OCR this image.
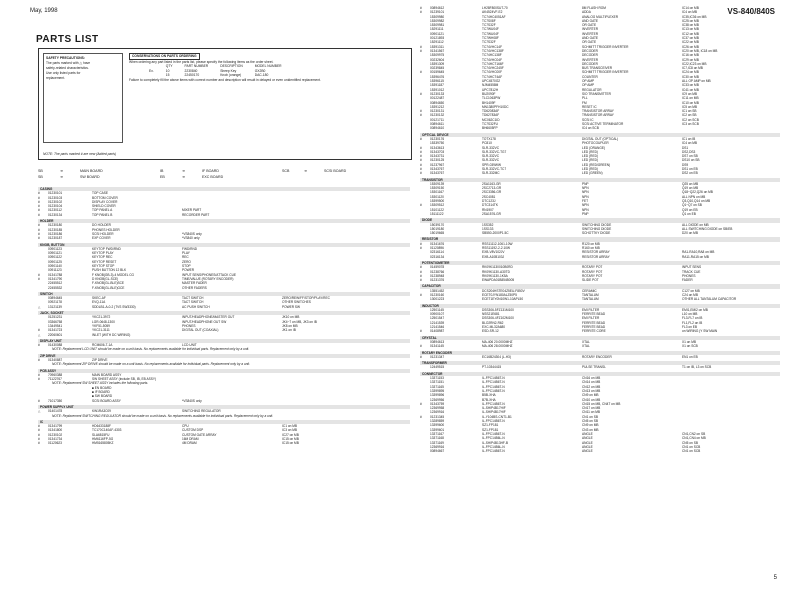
May, 1998	VS-840/840S
PARTS LIST
SAFETY PRECAUTIONS:
The parts marked with △ have
safety-related characteristics.
Use only listed parts for
replacement.
CONSERVATIONS ON PARTS ORDERING
When ordering any part listed in the parts list, please specify the following items as the order sheet.
	QTY	PART NUMBER	DESCRIPTION	MODEL NUMBER
Ex.	10	2230840	Sheep Key	GX2B0
	15	22450170	Knob (orange)	DAC-180
Failure to completely fill the above items with correct number and description will result in delayed or even unidentified replacement.
NOTE: The parts marked # are new (Added parts)
SB	➔	MAIN BOARD	IB	➔	IF BOARD	SCB	➔	SCSI BOARD
SB	➔	SW BOARD	EB	➔	EXC BOARD
CASING
#	01230101	TOP CASE
#	01230103	BOTTOM COVER
#	01230102	DISPLAY COVER
#	01230104	SHIELD COVER
#	01230112	TOP PANEL A	MIXER PART
#	01230134	TOP PANEL B	RECORDER PART
HOLDER
#	01230180	DO HOLDER
#	01230185	PHONES HOLDER
#	01230186	SCSI HOLDER	*VS840S only
#	01230187	EXP COVER	*VS840 only
KNOB, BUTTON
00901123	KEYTOP FWD/RND	FWD/RND
00901121	KEYTOP PLAY	PLAY
00901122	KEYTOP REC	REC
00901125	KEYTOP RESET	ZERO
00901140	KEYTOP STOP	STOP
00911123	PUSH BUTTON 12 BLK	POWER
#	01341788	F KNOB(GB-3)-4 MODEL CG	INPUT SENS/PHONES/ATTACK CUE
#	01341790	D KNOB(GL-SCE)	TIME/VALUE (ROTARY ENCODER)
22455512	F-KNOB(GL-BLE)SCE	MASTER FADER
22455532	F-KNOB(GL-BLE)GCE	OTHER FADERS
SWITCH
00894645	SKEC-AF	TACT SWITCH	ZERO/REW/FF/STOP/PLAY/REC
00921178	EVQ-11A	TACT SWITCH	OTHER SWITCHES
△	13121139	SDDLB1-A-0-2 (TVS SW3330)	AC PUSH SWITCH	POWER SW
JACK, SOCKET
01251231	YKC21-3972	INPUT/HEADPHONE/MASTER OUT	JK10 on MB
03366758	LGR-0648-1300	INPUT/HEADPHONE OUT SW	JK4~7 on MB, JK3 on IB
13449541	YKF51-5059	PHONES	JK8 on MB
#	01341723	YKC21-3111	DIGITAL OUT (COAXIAL)	JK1 on IB
△	22060601	INLET (WITH DC WIRING)
DISPLAY UNIT
#	01430088	RCM606-T-1A	LCD UNIT
NOTE: Replacement LCD UNIT should be made on a unit basis. No replacements available for individual parts. Replacement only by a unit.
ZIP DRIVE
#	01340887	ZIP DRIVE
NOTE: Replacement ZIP DRIVE should be made on a unit basis. No replacements available for individual parts. Replacement only by a unit.
PCB ASSY
#	70960388	MAIN BOARD ASSY
#	71122767	SW SHEET ASSY (include SB, IB, EB ASSY)
NOTE: Replacement SW SHEET ASSY includes the following parts.
■ EN BOARD
■ IF BOARD
■ SW BOARD
#	71017350	SCSI BOARD ASSY	*VS840S only
POWER SUPPLY UNIT
△	01401478	KW1RA3C09	SWITCHING REGULATOR
NOTE: Replacement SWITCHING REGULATOR should be made on a unit basis. No replacements available for individual parts. Replacement only by a unit.
IC
#	01341799	HD6433188F	CPU	IC1 on MB
#	01341800	TC170C140AF-4303	CUSTOM DSP	IC3 on MB
#	01230102	SLA6815FU	CUSTOM GATE ARRAY	IC27 on MB
#	01341734	HM6116FP-5G	16M DRAM	IC15 on MB
#	01120623	HM5165805KZ	4M DRAM	IC15 on MB
#	00894612	LH28F800SUT-70	8M FLASH ROM	IC14 on MB
#	01239101	AK4524VF-E2	ADDA	IC4 on MB
15309980	TC74HC4051AF	ANALOG MULTIPLEXER	IC35,IC36 on MB
15309982	TC7S08F	AND GATE	IC25 on MB
15309981	TC7S32F	OR GATE	IC38 on MB
15291111	TC7WU04F	INVERTER	IC13 on MB
00901121	TC7WU04F	INVERTER	IC12 on MB
00121893	TC7WH08F	AND GATE	IC37 on MB
15291112	TC7S32F	OR GATE	IC22 on MB
#	15391311	TC74VHC14F	SCHMITT TRIGGER INVERTER	IC26 on MB
#	01341567	TC74VHC138F	DECODER	IC20 on MB, IC18 on MB
15309975	TC74HC138F	DECODER	IC16 on MB
00232604	TC74VHC04F	INVERTER	IC29 on MB
15391309	TC74HCT166F	DECODER	IC22,IC23 on MB
00239845	TC74VHC245F	BUS TRANSCEIVER	IC7,IC8 on MB
#	00159645	TC74VHC00F	SCHMITT TRIGGER INVERTER	IC24 on MB
15396476	TC74HCT4AF	COUNTER	IC30 on MB
15396115	UPC4570G2	OP AMP	ALL OP AMP on MB
15391187	NJM4558M	OP AMP	IC33 on MB
15391012	UPC7812H	REGULATOR	IC41 on MB
#	01230133	BU2090F	SIO TRANSMITTER	IC9 on MB
00122487	TLC1063PW	PLL	IC11 on MB
00894650	BH1409F	FM	IC10 on MB
15391212	MN1380PFH10DC	RESET IC	IC5 on MB
#	01230131	TD62083AF	TRANSISTOR ARRAY	IC1 on SB
#	01230132	TD62783AF	TRANSISTOR ARRAY	IC2 on SB
00121711	MC062C1ID	SCSI IC	IC2 on SCB
00894611	TC7S32FU	SCSI ACTIVE TERMINATOR	IC3 on SCB
00894610	BH6605FP	IC4 on SCB
OPTICAL DEVICE
#	01230176	TOTX178	DIGITAL OUT (OPTICAL)	IC1 on IB
15339750	PC81X	PHOTOCOUPLER	IC4 on MB
#	01343613	SLR-332VC	LED (ORANGE)	DS1
#	01343703	SLR-332VC-TG7	LED (RED)	DS2,DS3
#	01343731	SLR-332VC	LED (RED)	DS7 on SB
#	01230125	SLR-332VC	LED (RED)	DS10 on SB
#	01237967	SPR-039WW	LED (RED/GREEN)	DS9
#	01343767	SLR-332VC-TC7	LED (RED)	DS1 on EB
#	01343767	SLR-332MC	LED (GREEN)	DS2 on EB
TRANSISTOR
15309139	2SA1163-GR	PNP	Q25 on MB
15309150	2SC2713-GR	NPN	Q19 on MB
15301167	2SC3356-GR	NPN	Q18~Q22,Q26 on MB
15301120	2SC4081	NPN	ALL NPN on MB
15399500	DTC123J	FET	Q3,Q10,Q14 on MB
#	15309512	DTC314TK	NPN	Q1~Q7 on SB
15101122	RN1907	NPN	Q19 on EB
15111122	2SA1576-GR	PNP	Q1 on EB
DIODE
15039170	1SS352	SWITCHING DIODE	ALL DIODE on MB
15019180	1SS133	SWITCHING DIODE	ALL SWITCHING DIODE on SB/EB
15019665	SB550-2000P1.5C	SCHOTTKY DIODE	D20 on MB
RESISTOR
#	01341676	RSS11112-1061-10W	R120 on MB
#	01120896	RSS11192-2-2.10W	R160 on MB
02316114	EXB-V8V102JV	RESISTOR ARRAY	RA1-RA10,RA8 on MB
02316134	EXB-A10B103J	RESISTOR ARRAY	RA11-RA15 on MB
POTENTIOMETER
#	01459078	RK09K1130010B0RD	ROTARY POT	INPUT SENS
#	01238766	RK09K1130-A30TD	ROTARY POT	TRACK CUE
#	01238948	RK09K1130-1K5A	ROTARY POT	PHONES
#	01231376	EWAPDA01B854B005	SLIDE POT	FADER
CAPACITOR
13551452	DCS204HSTE04Z5EU-F850V	CERAMIC	C127 on MB
#	01230160	ECET0JYN180ALZ50P5	TANTALUM	C24 on MB
13001223	ECET1EY0N10W1-10APL50	TANTALUM	OTHER ALL TANTALUM CAPACITOR
INDUCTOR
12501145	DSS306-5FZ131M100	EMI FILTER	EMI1,EMI2 on MB
00900107	NSS21E681	FERRITE BEAD	L10 on MB
12501547	DSS306-4FZ102M100	EMI FILTER	FL3-FL7 on IB
12141539	BLO2RN2-R62	FERRITE BEAD	FL1,FL2 on IB
12141546	EXC-ML32A680	FERRITE BEAD	FL3 on EB
#	01408987	ESD-SR-12	FERRITE CORE	on WIRING (Y SW MAIN
CRYSTAL
00894613	MA-406 20.0000MHZ	XTAL	X1 on MB
#	01341145	MA-406 28.0000MHZ	XTAL	X1 on SCB
ROTARY ENCODER
#	01231347	EC16B24304 (L-H3)	ROTARY ENCODER	EN1 on EB
TRANSFORMER
12449515	PT-10344415	PULSE TRANSL	T1 on IB, L3 on SCB
CONNECTOR
13371153	IL-FPC14B6T-N	CN16 on MB
13371151	IL-FPC14B6T-N	CN14 on MB
13371165	IL-FPC14B6T-N	CN12 on MB
13399895	IL-FPC14B6T-N	CN13 on MB
13399896	B5B-XHA	CN9 on MB
12369956	B7B-XHA	CN10 on MB
#	01343759	IL-FPC14B6T-N	CN15 on MB, CN4T on MB
12369958	IL-SHIP4B17HIF	CN17 on MB
12369916	IL-SHIP4B17HIF	CN11 on MB
#	01231345	IL-Y104BS-CNT1-B1	CN1 on SB
13289859	IL-FPC14B6T-N	CN5 on SB
13399600	SZ1-FP181	CN9 on MB
13399601	SZ1-FP181	CN3 on MB
13371167	IL-FPC14B6T-N	ANGLE	CN1,CN2 on SB
13371168	IL-FPC14B6L-N	ANGLE	CN1,CN4 on MB
13371169	IL-SHIP4B13HF-B	ANGLE	CN5 on SB
12369916	IL-FPC14B6L-N	ANGLE	CN1 on SCB
00894667	IL-FPC14B6T-N	ANGLE	CN1 on SCB
5
